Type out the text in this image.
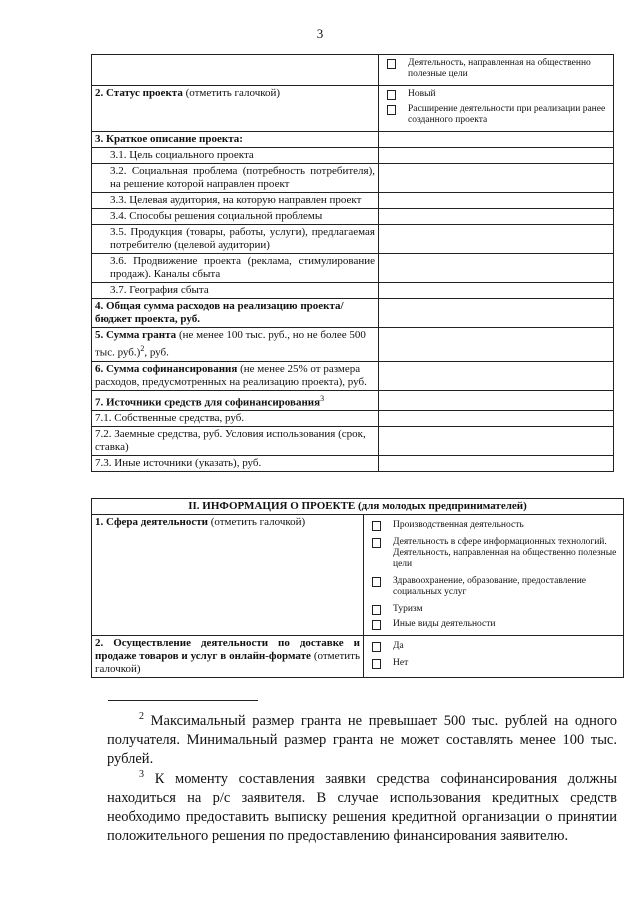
3

Деятельность, направленная на общественно полезные цели

2. Статус проекта (отметить галочкой)	Новый
Расширение деятельности при реализации ранее созданного проекта

3. Краткое описание проекта:	
3.1. Цель социального проекта	
3.2. Социальная проблема (потребность потребителя), на решение которой направлен проект	
3.3. Целевая аудитория, на которую направлен проект	
3.4. Способы решения социальной проблемы	
3.5. Продукция (товары, работы, услуги), предлагаемая потребителю (целевой аудитории)	
3.6. Продвижение проекта (реклама, стимулирование продаж). Каналы сбыта	
3.7. География сбыта	
4. Общая сумма расходов на реализацию проекта/бюджет проекта, руб.	
5. Сумма гранта (не менее 100 тыс. руб., но не более 500 тыс. руб.)$^2$, руб.	
6. Сумма софинансирования (не менее 25% от размера расходов, предусмотренных на реализацию проекта), руб.	
7. Источники средств для софинансирования$^3$	
7.1. Собственные средства, руб.	
7.2. Заемные средства, руб. Условия использования (срок, ставка)	
7.3. Иные источники (указать), руб.	
II. ИНФОРМАЦИЯ О ПРОЕКТЕ (для молодых предпринимателей)	
1. Сфера деятельности (отметить галочкой)	Производственная деятельность
Деятельность в сфере информационных технологий. Деятельность, направленная на общественно полезные цели
Здравоохранение, образование, предоставление социальных услуг
Туризм
Иные виды деятельности

2. Осуществление деятельности по доставке и продаже товаров и услуг в онлайн-формате (отметить галочкой)	Да
Нет
$^2$ Максимальный размер гранта не превышает 500 тыс. рублей на одного получателя. Минимальный размер гранта не может составлять менее 100 тыс. рублей.
$^3$ К моменту составления заявки средства софинансирования должны находиться на р/с заявителя. В случае использования кредитных средств необходимо предоставить выписку решения кредитной организации о принятии положительного решения по предоставлению финансирования заявителю.
